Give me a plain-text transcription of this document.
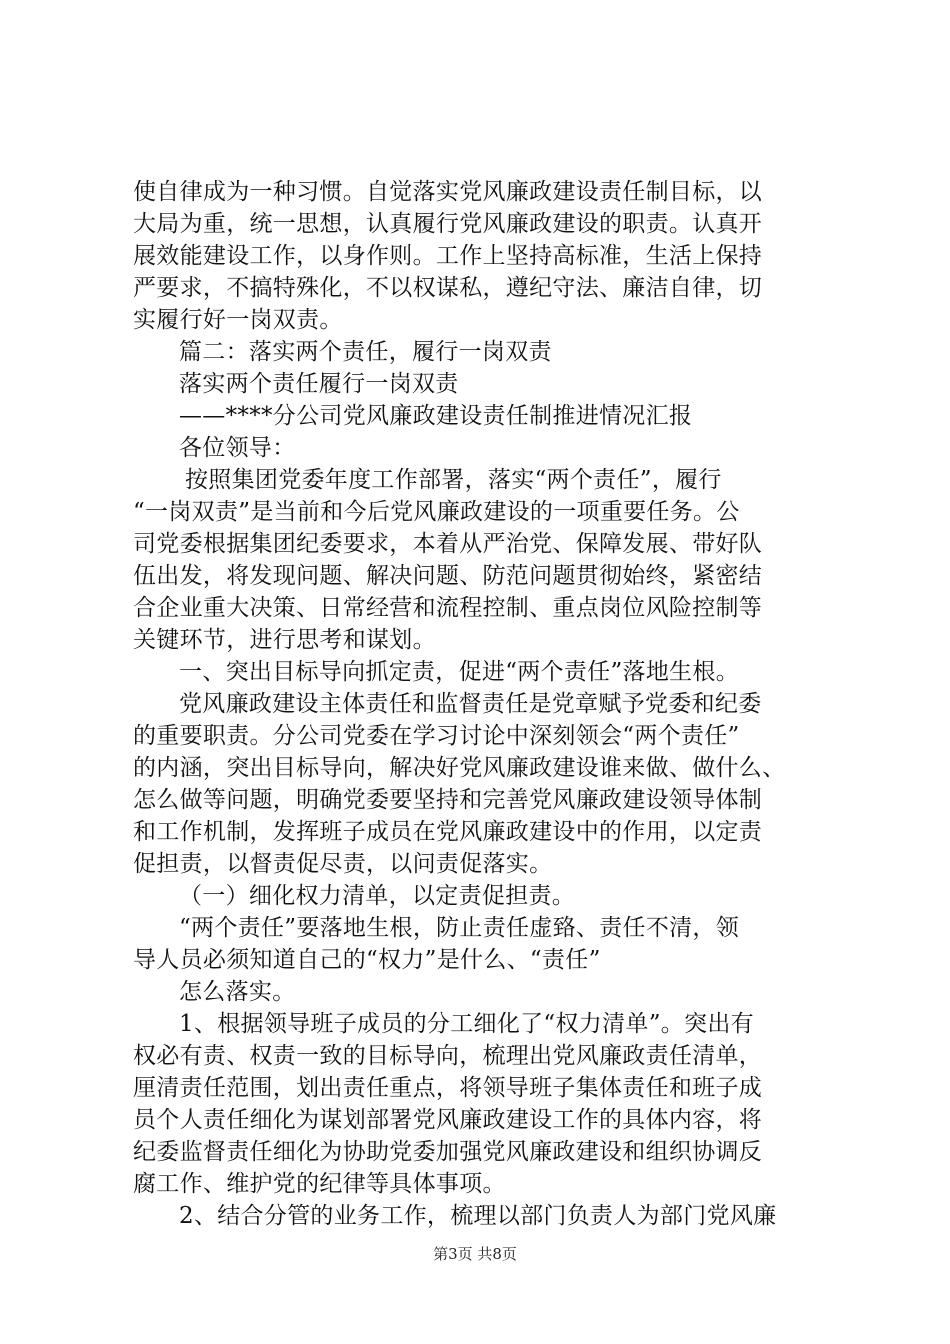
使自律成为一种习惯。自觉落实党风廉政建设责任制目标，以
大局为重，统一思想，认真履行党风廉政建设的职责。认真开
展效能建设工作，以身作则。工作上坚持高标准，生活上保持
严要求，不搞特殊化，不以权谋私，遵纪守法、廉洁自律，切
实履行好一岗双责。
篇二：落实两个责任，履行一岗双责
落实两个责任履行一岗双责
——****分公司党风廉政建设责任制推进情况汇报
各位领导：
按照集团党委年度工作部署，落实“两个责任”，履行
“一岗双责”是当前和今后党风廉政建设的一项重要任务。公
司党委根据集团纪委要求，本着从严治党、保障发展、带好队
伍出发，将发现问题、解决问题、防范问题贯彻始终，紧密结
合企业重大决策、日常经营和流程控制、重点岗位风险控制等
关键环节，进行思考和谋划。
一、突出目标导向抓定责，促进“两个责任”落地生根。
党风廉政建设主体责任和监督责任是党章赋予党委和纪委
的重要职责。分公司党委在学习讨论中深刻领会“两个责任”
的内涵，突出目标导向，解决好党风廉政建设谁来做、做什么、
怎么做等问题，明确党委要坚持和完善党风廉政建设领导体制
和工作机制，发挥班子成员在党风廉政建设中的作用，以定责
促担责，以督责促尽责，以问责促落实。
（一）细化权力清单，以定责促担责。
“两个责任”要落地生根，防止责任虚臵、责任不清，领
导人员必须知道自己的“权力”是什么、“责任”
怎么落实。
1、根据领导班子成员的分工细化了“权力清单”。突出有
权必有责、权责一致的目标导向，梳理出党风廉政责任清单，
厘清责任范围，划出责任重点，将领导班子集体责任和班子成
员个人责任细化为谋划部署党风廉政建设工作的具体内容，将
纪委监督责任细化为协助党委加强党风廉政建设和组织协调反
腐工作、维护党的纪律等具体事项。
2、结合分管的业务工作，梳理以部门负责人为部门党风廉
第3页 共8页
